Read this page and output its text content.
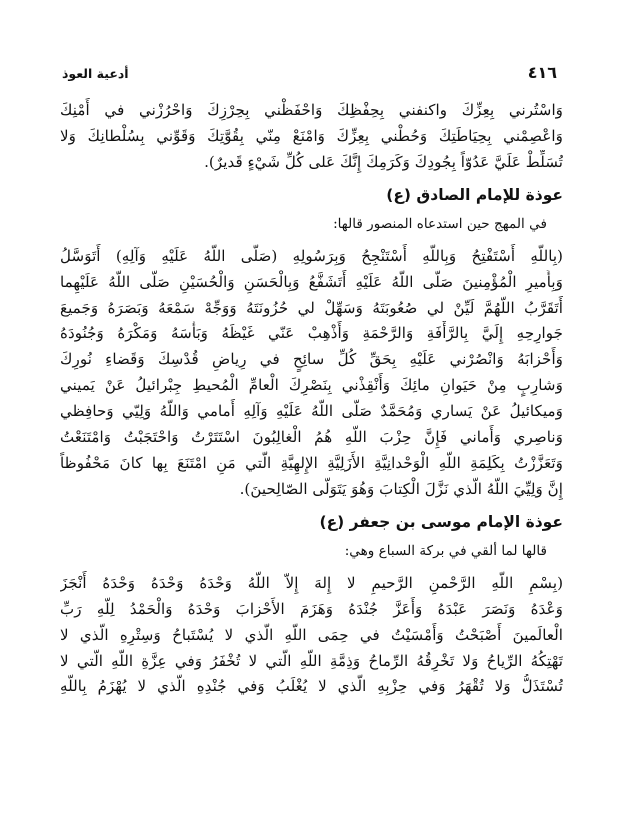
أدعية العوذ	٤١٦

وَاسْتُرني بِعِزِّكَ واكنفني بِحِفْظِكَ وَاحْفَظْني بِحِرْزِكَ وَاحْرُزْني في أَمْنِكَ
وَاعْصِمْني بِحِيَاطَتِكَ وَحُطْني بِعِزِّكَ وَامْنَعْ مِنّي بِقُوَّتِكَ وَقَوِّني بِسُلْطانِكَ وَلا
تُسَلِّطْ عَلَيَّ عَدُوّاً بِجُودِكَ وَكَرَمِكَ إِنَّكَ عَلى كُلِّ شَيْءٍ قَديرٌ).

عوذة للإمام الصادق (ع)

في المهج حين استدعاه المنصور قالها:

(بِاللّهِ أَسْتَفْتِحُ وَبِاللّهِ أَسْتَنْجِحُ وَبِرَسُولِهِ (صَلَّى اللّهُ عَلَيْهِ وَآلِهِ) أَتَوَسَّلُ
وَبِأَميرِ الْمُؤْمِنينَ صَلَّى اللّهُ عَلَيْهِ أَتَشَفَّعُ وَبِالْحَسَنِ وَالْحُسَيْنِ صَلَّى اللّهُ عَلَيْهِما
أَتَقَرَّبُ اللّهُمَّ لَيِّنْ لي صُعُوبَتَهُ وَسَهِّلْ لي حُزُونَتَهُ وَوَجِّهْ سَمْعَهُ وَبَصَرَهُ وَجَميعَ
جَوارِحِهِ إِلَيَّ بِالرَّأْفَةِ وَالرَّحْمَةِ وَأَذْهِبْ عَنّي غَيْظَهُ وَبَأْسَهُ وَمَكْرَهُ وَجُنُودَهُ
وَأَحْزابَهُ وَانْصُرْني عَلَيْهِ بِحَقِّ كُلِّ سائِحٍ في رِياضِ قُدْسِكَ وَقَضاءِ نُورِكَ
وَشارِبٍ مِنْ حَيَوانِ مائِكَ وَأَنْقِذْني بِنَصْرِكَ الْعامِّ الْمُحيطِ جِبْرائيلُ عَنْ يَميني
وَميكائيلُ عَنْ يَساري وَمُحَمَّدٌ صَلَّى اللّهُ عَلَيْهِ وَآلِهِ أَمامي وَاللّهُ وَلِيّي وَحافِظي
وَناصِري وَأَماني فَإِنَّ حِزْبَ اللّهِ هُمُ الْغالِبُونَ اسْتَتَرْتُ وَاحْتَجَبْتُ وَامْتَنَعْتُ
وَتَعَزَّزْتُ بِكَلِمَةِ اللّهِ الْوَحْدانِيَّةِ الأَزَلِيَّةِ الإِلهِيَّةِ الَّتي مَنِ امْتَنَعَ بِها كانَ مَحْفُوظاً
إِنَّ وَلِيِّيَ اللّهُ الَّذي نَزَّلَ الْكِتابَ وَهُوَ يَتَوَلَّى الصّالِحينَ).

عوذة الإمام موسى بن جعفر (ع)

قالها لما ألقي في بركة السباع وهي:

(بِسْمِ اللّهِ الرَّحْمنِ الرَّحيمِ لا إِلهَ إِلاّ اللّهُ وَحْدَهُ وَحْدَهُ وَحْدَهُ أَنْجَزَ
وَعْدَهُ وَنَصَرَ عَبْدَهُ وَأَعَزَّ جُنْدَهُ وَهَزَمَ الأَحْزابَ وَحْدَهُ وَالْحَمْدُ لِلّهِ رَبِّ
الْعالَمينَ أَصْبَحْتُ وَأَمْسَيْتُ في حِمَى اللّهِ الَّذي لا يُسْتَباحُ وَسِتْرِهِ الَّذي لا
تَهْتِكُهُ الرِّياحُ وَلا تَخْرِقُهُ الرِّماحُ وَذِمَّةِ اللّهِ الَّتي لا تُخْفَرُ وَفي عِزَّةِ اللّهِ الَّتي لا
تُسْتَذَلُّ وَلا تُقْهَرُ وَفي حِزْبِهِ الَّذي لا يُغْلَبُ وَفي جُنْدِهِ الَّذي لا يُهْزَمُ بِاللّهِ
